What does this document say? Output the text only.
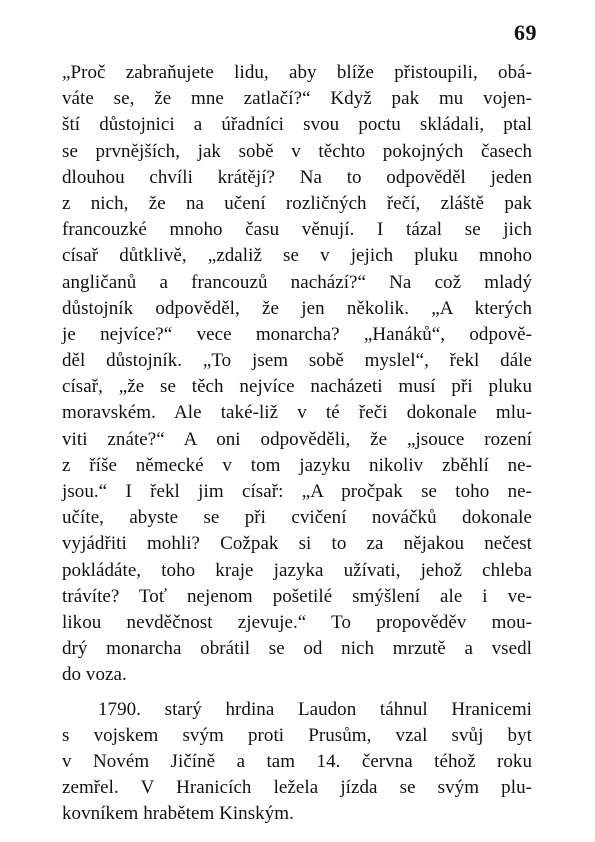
69
„Proč zabraňujete lidu, aby blíže přistoupili, obá-
váte se, že mne zatlačí?“ Když pak mu vojen-
ští důstojnici a úřadníci svou poctu skládali, ptal
se prvnějších, jak sobě v těchto pokojných časech
dlouhou chvíli krátějí? Na to odpověděl jeden
z nich, že na učení rozličných řečí, zláště pak
francouzké mnoho času věnují. I tázal se jich
císař důtklivě, „zdaliž se v jejich pluku mnoho
angličanů a francouzů nachází?“ Na což mladý
důstojník odpověděl, že jen několik. „A kterých
je nejvíce?“ vece monarcha? „Hanáků“, odpově-
děl důstojník. „To jsem sobě myslel“, řekl dále
císař, „že se těch nejvíce nacházeti musí při pluku
moravském. Ale také-liž v té řeči dokonale mlu-
viti znáte?“ A oni odpověděli, že „jsouce rození
z říše německé v tom jazyku nikoliv zběhlí ne-
jsou.“ I řekl jim císař: „A pročpak se toho ne-
učíte, abyste se při cvičení nováčků dokonale
vyjádřiti mohli? Cožpak si to za nějakou nečest
pokládáte, toho kraje jazyka užívati, jehož chleba
trávíte? Toť nejenom pošetilé smýšlení ale i ve-
likou nevděčnost zjevuje.“ To propověděv mou-
drý monarcha obrátil se od nich mrzutě a vsedl
do voza.
1790. starý hrdina Laudon táhnul Hranicemi
s vojskem svým proti Prusům, vzal svůj byt
v Novém Jičíně a tam 14. června téhož roku
zemřel. V Hranicích ležela jízda se svým plu-
kovníkem hrabětem Kinským.
